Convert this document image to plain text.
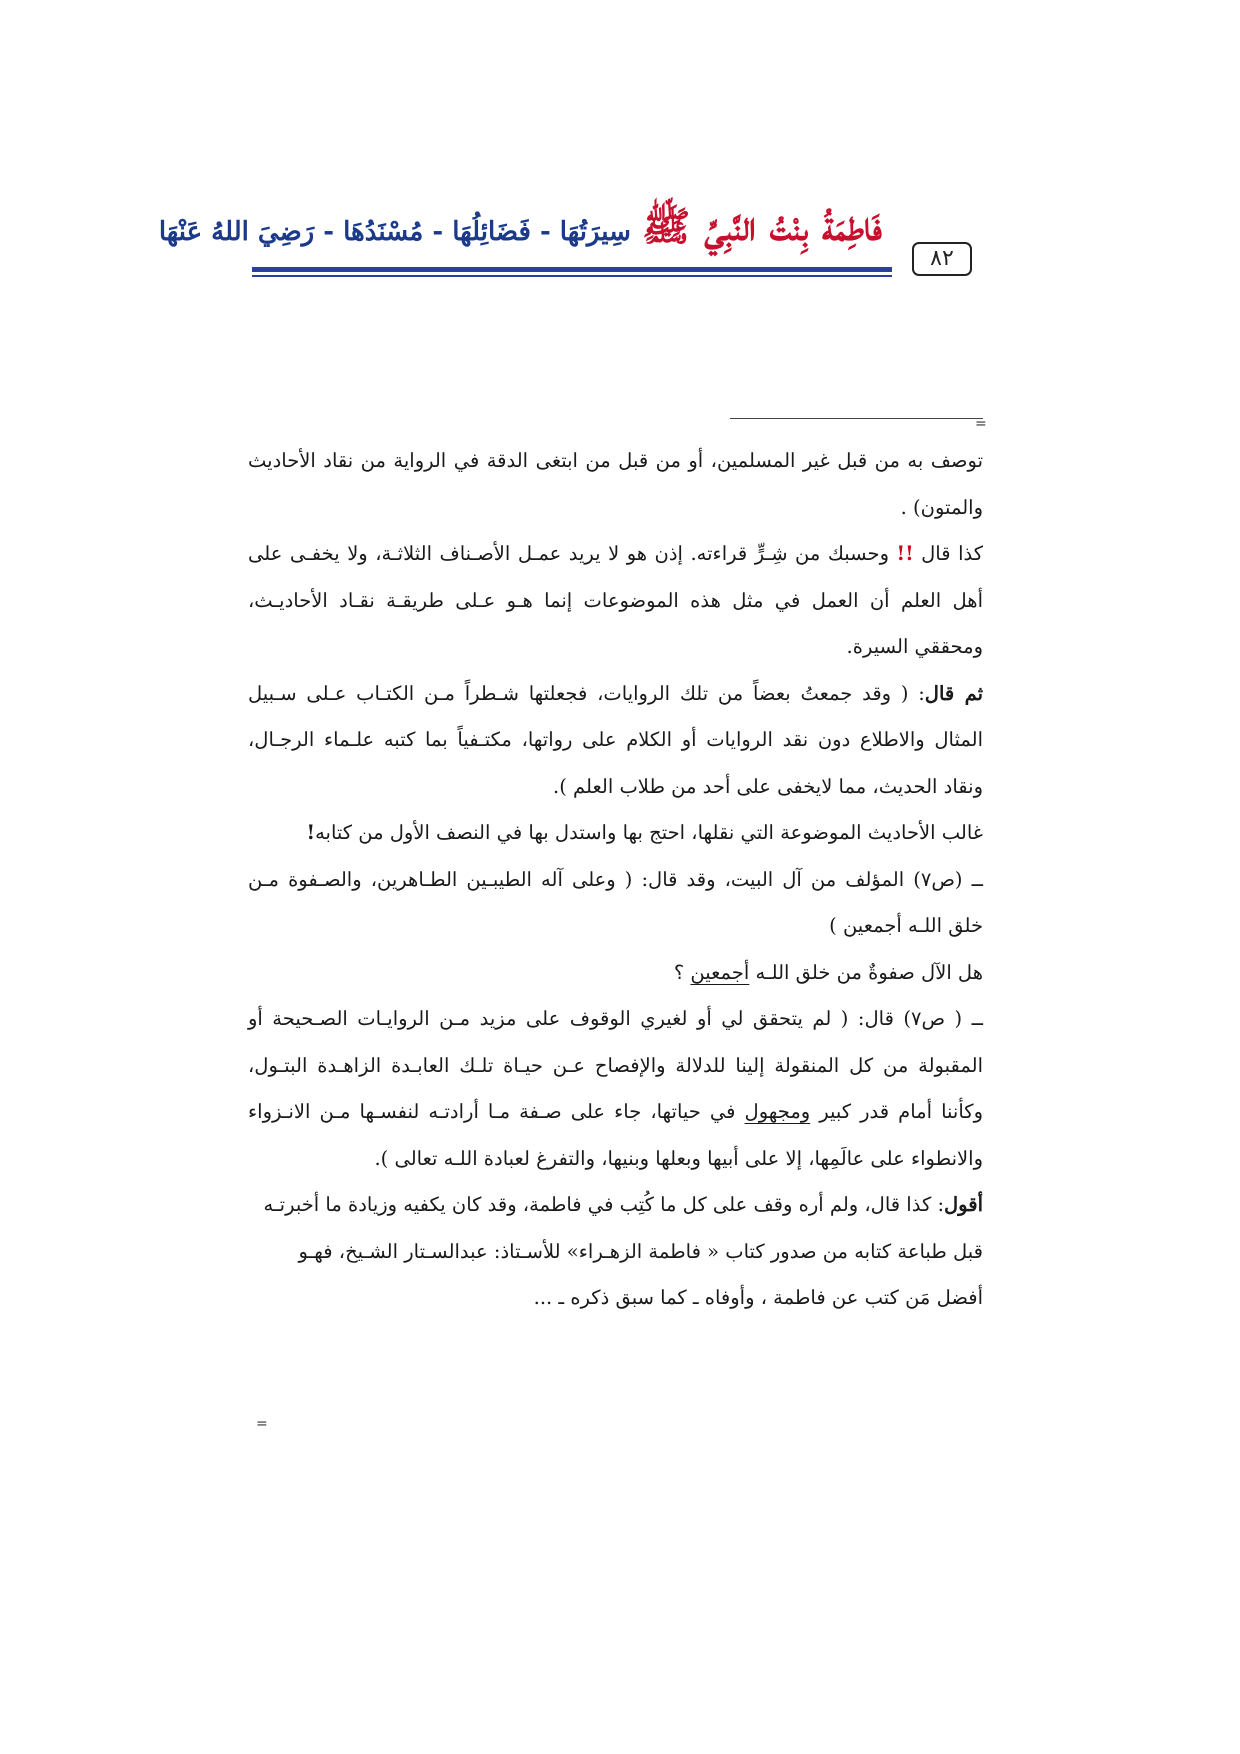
٨٢
فَاطِمَةُ بِنْتُ النَّبِيِّ ﷺ سِيرَتُهَا - فَضَائِلُهَا - مُسْنَدُهَا - رَضِيَ اللهُ عَنْهَا
=

توصف به من قبل غير المسلمين، أو من قبل من ابتغى الدقة في الرواية من نقاد الأحاديث والمتون) .

كذا قال !! وحسبك من شِـرٍّ قراءته. إذن هو لا يريد عمـل الأصـناف الثلاثـة، ولا يخفـى على أهل العلم أن العمل في مثل هذه الموضوعات إنما هـو عـلى طريقـة نقـاد الأحاديـث، ومحققي السيرة.

ثم قال: ( وقد جمعتُ بعضاً من تلك الروايات، فجعلتها شـطراً مـن الكتـاب عـلى سـبيل المثال والاطلاع دون نقد الروايات أو الكلام على رواتها، مكتـفياً بما كتبه علـماء الرجـال، ونقاد الحديث، مما لايخفى على أحد من طلاب العلم ).

غالب الأحاديث الموضوعة التي نقلها، احتج بها واستدل بها في النصف الأول من كتابه!

ــ (ص٧) المؤلف من آل البيت، وقد قال: ( وعلى آله الطيبـين الطـاهرين، والصـفوة مـن خلق اللـه أجمعين )

هل الآل صفوةٌ من خلق اللـه أجمعين ؟

ــ ( ص٧) قال: ( لم يتحقق لي أو لغيري الوقوف على مزيد مـن الروايـات الصـحيحة أو المقبولة من كل المنقولة إلينا للدلالة والإفصاح عـن حيـاة تلـك العابـدة الزاهـدة البتـول، وكأننا أمام قدر كبير ومجهول في حياتها، جاء على صـفة مـا أرادتـه لنفسـها مـن الانـزواء والانطواء على عالَمِها، إلا على أبيها وبعلها وبنيها، والتفرغ لعبادة اللـه تعالى ).

أقول: كذا قال، ولم أره وقف على كل ما كُتِب في فاطمة، وقد كان يكفيه وزيادة ما أخبرتـه قبل طباعة كتابه من صدور كتاب « فاطمة الزهـراء» للأسـتاذ: عبدالسـتار الشـيخ، فهـو أفضل مَن كتب عن فاطمة ، وأوفاه ـ كما سبق ذكره ـ ...

=
